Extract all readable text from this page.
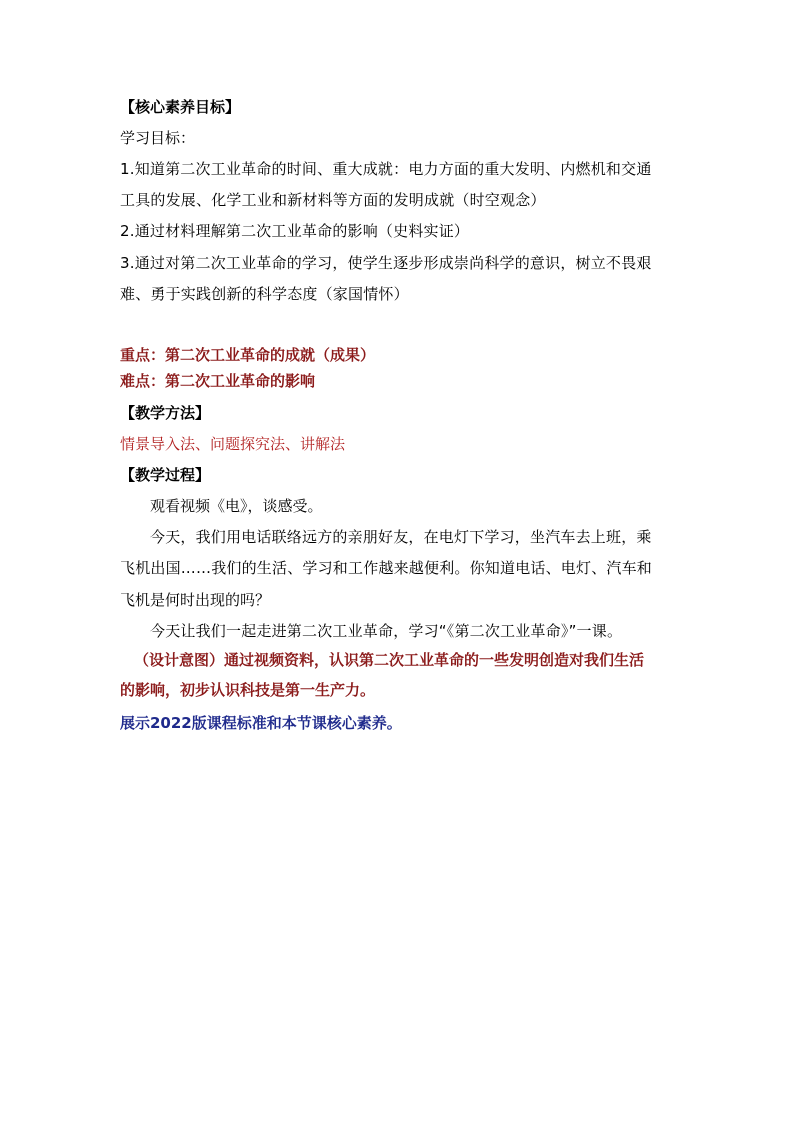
【核心素养目标】
学习目标：
1.知道第二次工业革命的时间、重大成就：电力方面的重大发明、内燃机和交通
工具的发展、化学工业和新材料等方面的发明成就（时空观念）
2.通过材料理解第二次工业革命的影响（史料实证）
3.通过对第二次工业革命的学习，使学生逐步形成崇尚科学的意识，树立不畏艰
难、勇于实践创新的科学态度（家国情怀）
重点：第二次工业革命的成就（成果）
难点：第二次工业革命的影响
【教学方法】
情景导入法、问题探究法、讲解法
【教学过程】
观看视频《电》，谈感受。
今天，我们用电话联络远方的亲朋好友，在电灯下学习，坐汽车去上班，乘
飞机出国……我们的生活、学习和工作越来越便利。你知道电话、电灯、汽车和
飞机是何时出现的吗？
今天让我们一起走进第二次工业革命，学习“《第二次工业革命》”一课。
（设计意图）通过视频资料，认识第二次工业革命的一些发明创造对我们生活
的影响，初步认识科技是第一生产力。
展示2022版课程标准和本节课核心素养。
